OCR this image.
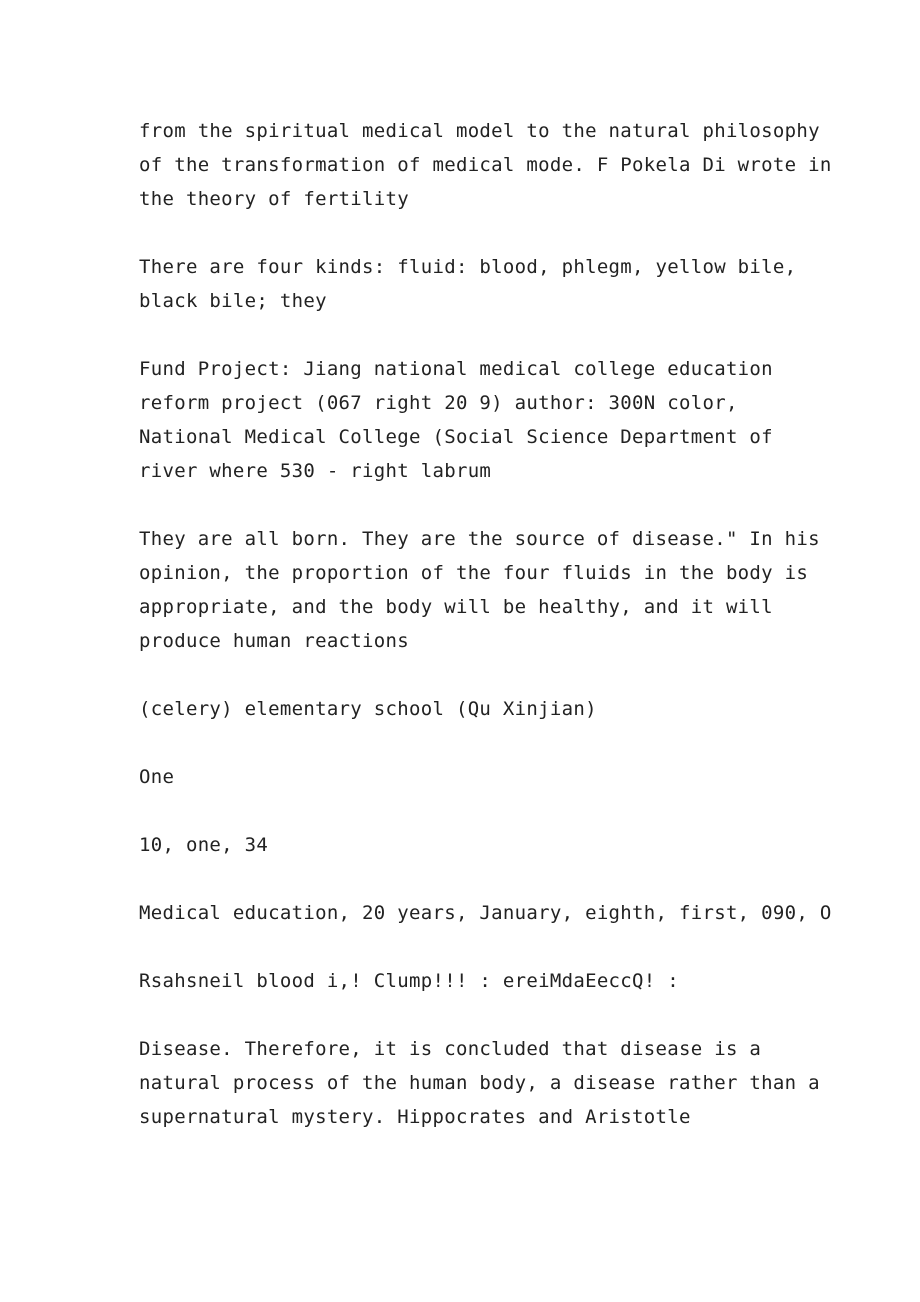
from the spiritual medical model to the natural philosophy
of the transformation of medical mode. F Pokela Di wrote in
the theory of fertility

There are four kinds: fluid: blood, phlegm, yellow bile,
black bile; they

Fund Project: Jiang national medical college education
reform project (067 right 20 9) author: 300N color,
National Medical College (Social Science Department of
river where 530 - right labrum

They are all born. They are the source of disease." In his
opinion, the proportion of the four fluids in the body is
appropriate, and the body will be healthy, and it will
produce human reactions

(celery) elementary school (Qu Xinjian)

One

10, one, 34

Medical education, 20 years, January, eighth, first, 090, O

Rsahsneil blood i,! Clump!!! : ereiMdaEeccQ! :

Disease. Therefore, it is concluded that disease is a
natural process of the human body, a disease rather than a
supernatural mystery. Hippocrates and Aristotle
